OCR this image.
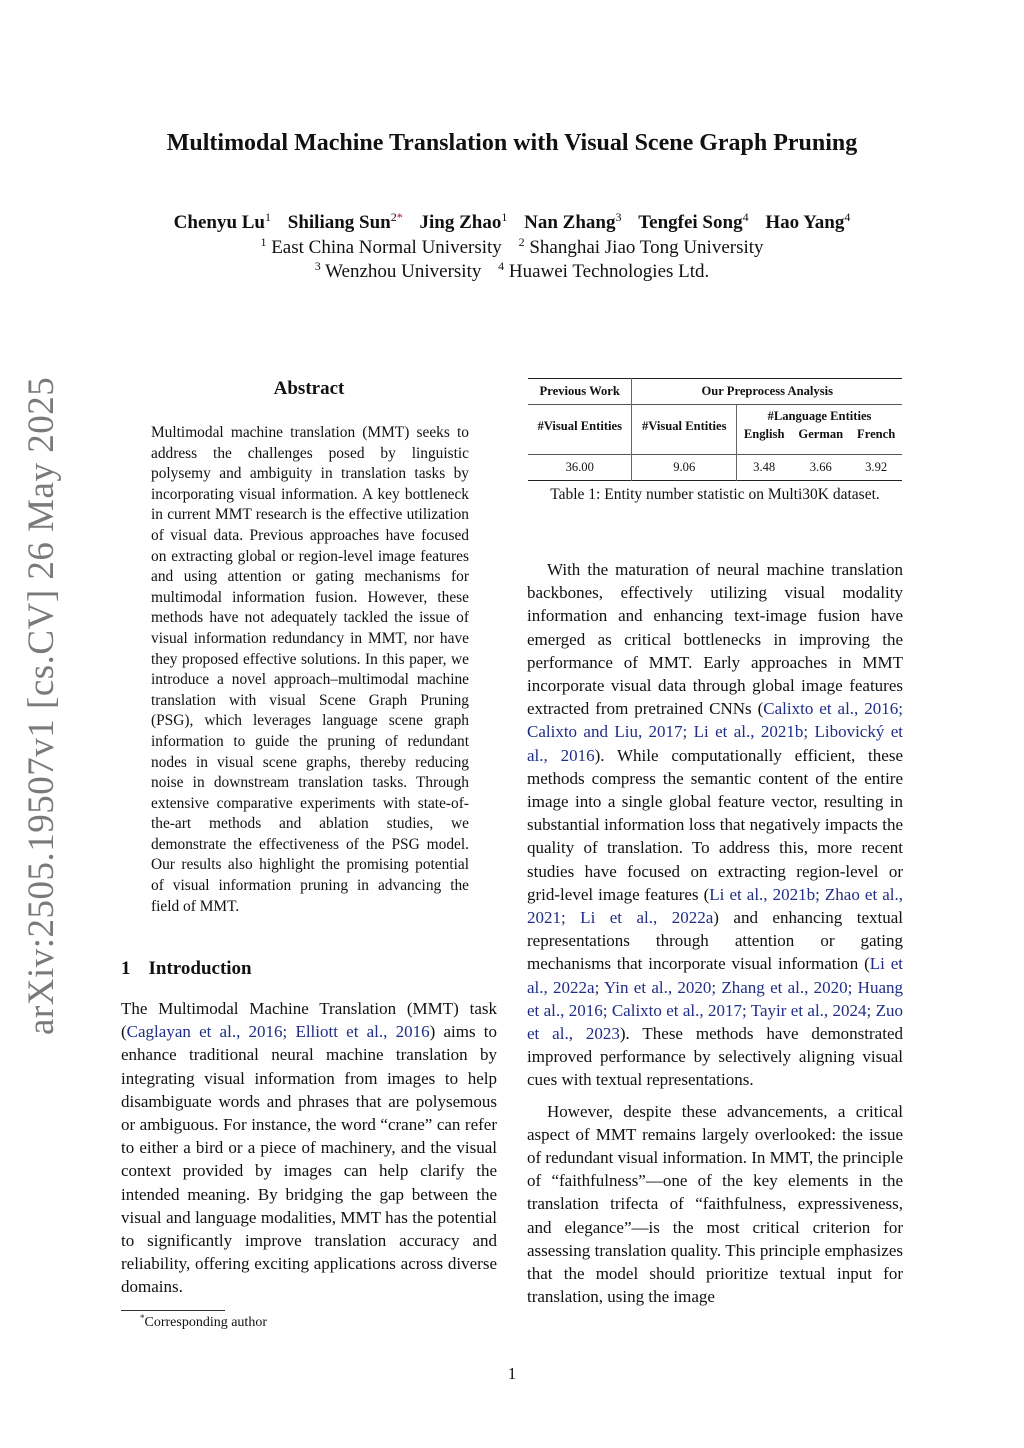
arXiv:2505.19507v1 [cs.CV] 26 May 2025
Multimodal Machine Translation with Visual Scene Graph Pruning
Chenyu Lu$^1$ Shiliang Sun$^{2*}$ Jing Zhao$^1$ Nan Zhang$^3$ Tengfei Song$^4$ Hao Yang$^4$
$^1$ East China Normal University $^2$ Shanghai Jiao Tong University
$^3$ Wenzhou University $^4$ Huawei Technologies Ltd.
Abstract
Multimodal machine translation (MMT) seeks to address the challenges posed by linguistic polysemy and ambiguity in translation tasks by incorporating visual information. A key bottleneck in current MMT research is the effective utilization of visual data. Previous approaches have focused on extracting global or region-level image features and using attention or gating mechanisms for multimodal information fusion. However, these methods have not adequately tackled the issue of visual information redundancy in MMT, nor have they proposed effective solutions. In this paper, we introduce a novel approach–multimodal machine translation with visual Scene Graph Pruning (PSG), which leverages language scene graph information to guide the pruning of redundant nodes in visual scene graphs, thereby reducing noise in downstream translation tasks. Through extensive comparative experiments with state-of-the-art methods and ablation studies, we demonstrate the effectiveness of the PSG model. Our results also highlight the promising potential of visual information pruning in advancing the field of MMT.
1 Introduction

The Multimodal Machine Translation (MMT) task (Caglayan et al., 2016; Elliott et al., 2016) aims to enhance traditional neural machine translation by integrating visual information from images to help disambiguate words and phrases that are polysemous or ambiguous. For instance, the word “crane” can refer to either a bird or a piece of machinery, and the visual context provided by images can help clarify the intended meaning. By bridging the gap between the visual and language modalities, MMT has the potential to significantly improve translation accuracy and reliability, offering exciting applications across diverse domains.

*Corresponding author
Previous Work	Our Preprocess Analysis			
#Visual Entities	#Visual Entities	#Language Entities		
		English	German	French

36.00	9.06	3.48	3.66	3.92
Table 1: Entity number statistic on Multi30K dataset.

With the maturation of neural machine translation backbones, effectively utilizing visual modality information and enhancing text-image fusion have emerged as critical bottlenecks in improving the performance of MMT. Early approaches in MMT incorporate visual data through global image features extracted from pretrained CNNs (Calixto et al., 2016; Calixto and Liu, 2017; Li et al., 2021b; Libovický et al., 2016). While computationally efficient, these methods compress the semantic content of the entire image into a single global feature vector, resulting in substantial information loss that negatively impacts the quality of translation. To address this, more recent studies have focused on extracting region-level or grid-level image features (Li et al., 2021b; Zhao et al., 2021; Li et al., 2022a) and enhancing textual representations through attention or gating mechanisms that incorporate visual information (Li et al., 2022a; Yin et al., 2020; Zhang et al., 2020; Huang et al., 2016; Calixto et al., 2017; Tayir et al., 2024; Zuo et al., 2023). These methods have demonstrated improved performance by selectively aligning visual cues with textual representations.

However, despite these advancements, a critical aspect of MMT remains largely overlooked: the issue of redundant visual information. In MMT, the principle of “faithfulness”—one of the key elements in the translation trifecta of “faithfulness, expressiveness, and elegance”—is the most critical criterion for assessing translation quality. This principle emphasizes that the model should prioritize textual input for translation, using the image

1
